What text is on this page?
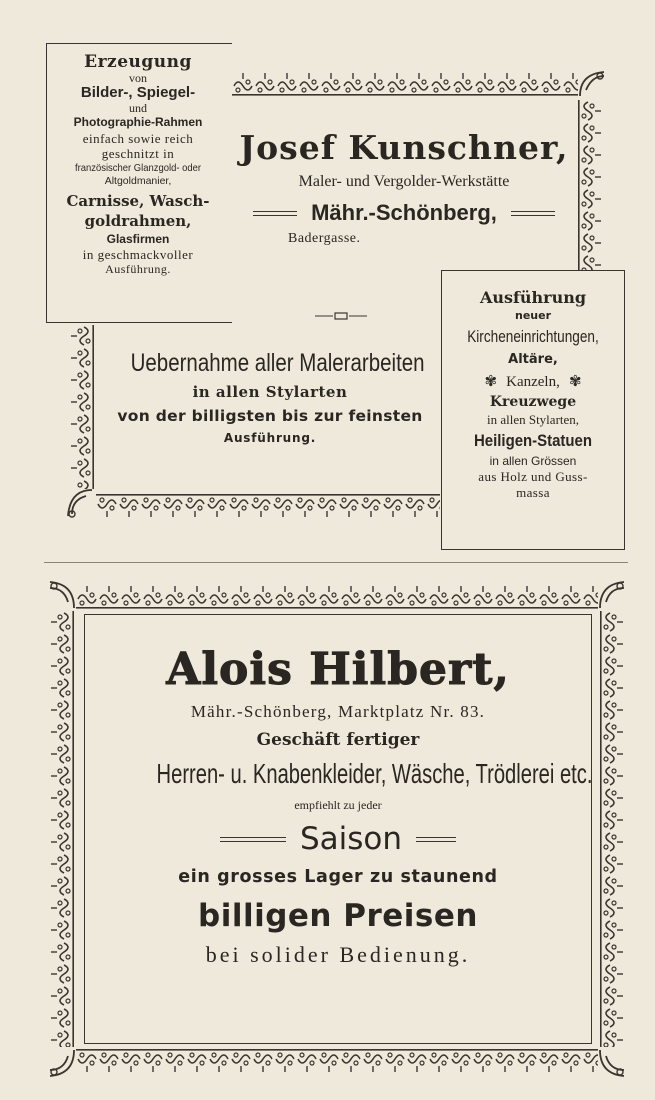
Erzeugung
von
Bilder-, Spiegel-
und
Photographie-Rahmen
einfach sowie reich
geschnitzt in
französischer Glanzgold- oder
Altgoldmanier,
Carnisse, Wasch-
goldrahmen,
Glasfirmen
in geschmackvoller
Ausführung.
Josef Kunschner,
Maler- und Vergolder-Werkstätte
Mähr.-Schönberg,
Badergasse.
Uebernahme aller Malerarbeiten
in allen Stylarten
von der billigsten bis zur feinsten
Ausführung.
Ausführung
neuer
Kircheneinrichtungen,
Altäre,
✾ Kanzeln, ✾
Kreuzwege
in allen Stylarten,
Heiligen-Statuen
in allen Grössen
aus Holz und Guss-
massa
Alois Hilbert,
Mähr.-Schönberg, Marktplatz Nr. 83.
Geschäft fertiger
Herren- u. Knabenkleider, Wäsche, Trödlerei etc.
empfiehlt zu jeder
Saison
ein grosses Lager zu staunend
billigen Preisen
bei solider Bedienung.
